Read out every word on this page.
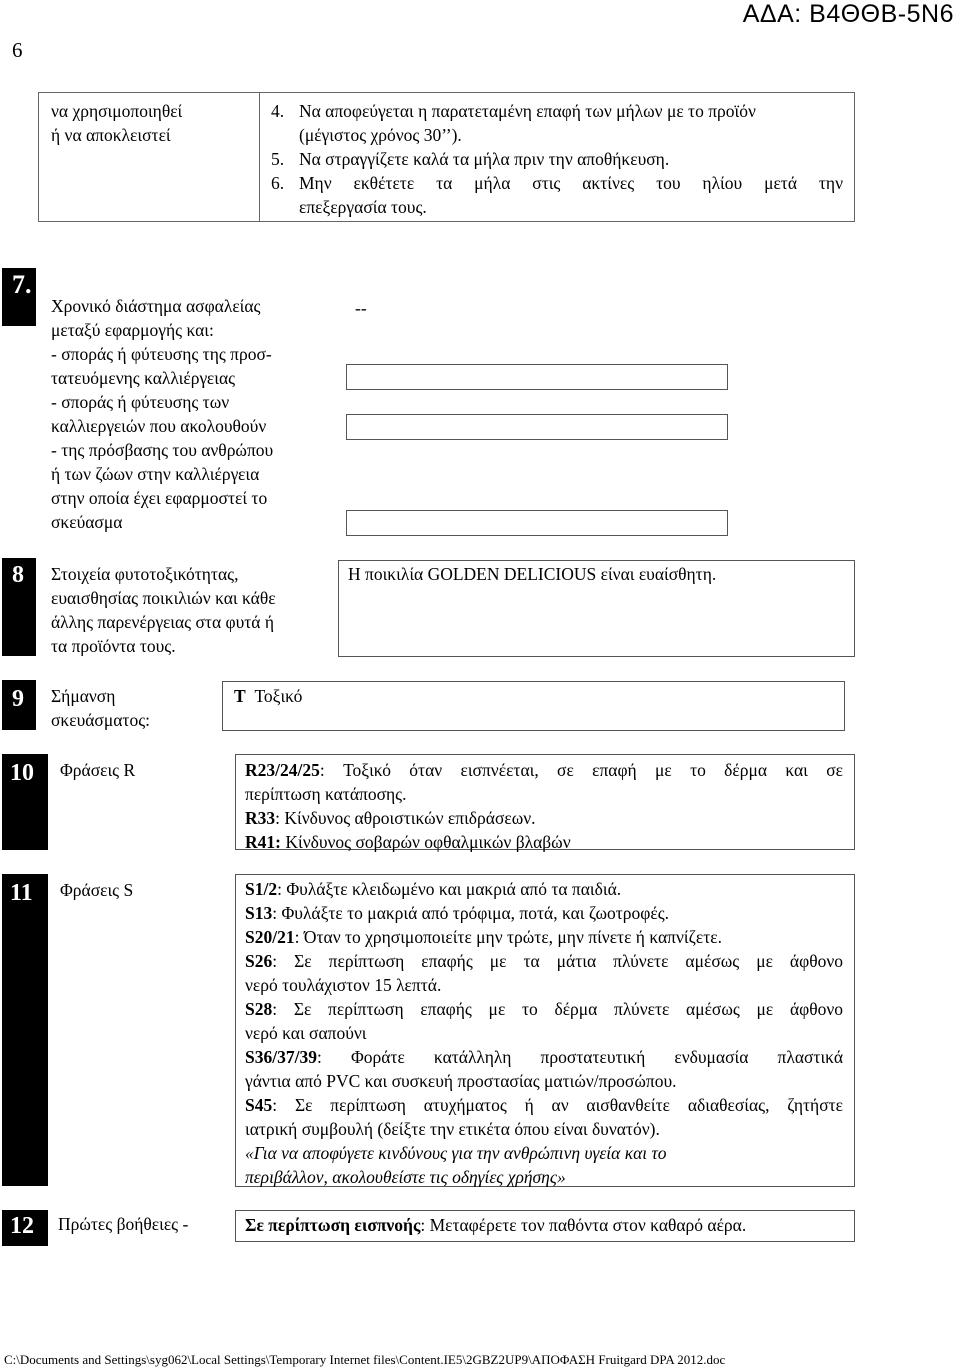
6
ΑΔΑ: Β4ΘΘΒ-5Ν6
να χρησιμοποιηθεί
ή να αποκλειστεί
4. Να αποφεύγεται η παρατεταμένη επαφή των μήλων με το προϊόν
(μέγιστος χρόνος 30’’).
5. Να στραγγίζετε καλά τα μήλα πριν την αποθήκευση.
6. Μην εκθέτετε τα μήλα στις ακτίνες του ηλίου μετά την
επεξεργασία τους.
7.
Χρονικό διάστημα ασφαλείας
μεταξύ εφαρμογής και:
- σποράς ή φύτευσης της προσ-
τατευόμενης καλλιέργειας
- σποράς ή φύτευσης των
καλλιεργειών που ακολουθούν
- της πρόσβασης του ανθρώπου
ή των ζώων στην καλλιέργεια
στην οποία έχει εφαρμοστεί το
σκεύασμα
--
8 Στοιχεία φυτοτοξικότητας,
ευαισθησίας ποικιλιών και κάθε
άλλης παρενέργειας στα φυτά ή
τα προϊόντα τους.
Η ποικιλία GOLDEN DELICIOUS είναι ευαίσθητη.
9 Σήμανση
σκευάσματος:
T Τοξικό
10 Φράσεις R	R23/24/25: Τοξικό όταν εισπνέεται, σε επαφή με το δέρμα και σε
περίπτωση κατάποσης.
R33: Κίνδυνος αθροιστικών επιδράσεων.
R41: Κίνδυνος σοβαρών οφθαλμικών βλαβών
11 Φράσεις S	S1/2: Φυλάξτε κλειδωμένο και μακριά από τα παιδιά.
S13: Φυλάξτε το μακριά από τρόφιμα, ποτά, και ζωοτροφές.
S20/21: Όταν το χρησιμοποιείτε μην τρώτε, μην πίνετε ή καπνίζετε.
S26: Σε περίπτωση επαφής με τα μάτια πλύνετε αμέσως με άφθονο
νερό τουλάχιστον 15 λεπτά.
S28: Σε περίπτωση επαφής με το δέρμα πλύνετε αμέσως με άφθονο
νερό και σαπούνι
S36/37/39: Φοράτε κατάλληλη προστατευτική ενδυμασία πλαστικά
γάντια από PVC και συσκευή προστασίας ματιών/προσώπου.
S45: Σε περίπτωση ατυχήματος ή αν αισθανθείτε αδιαθεσίας, ζητήστε
ιατρική συμβουλή (δείξτε την ετικέτα όπου είναι δυνατόν).
«Για να αποφύγετε κινδύνους για την ανθρώπινη υγεία και το
περιβάλλον, ακολουθείστε τις οδηγίες χρήσης»
12 Πρώτες βοήθειες -	Σε περίπτωση εισπνοής: Μεταφέρετε τον παθόντα στον καθαρό αέρα.
C:\Documents and Settings\syg062\Local Settings\Temporary Internet files\Content.IE5\2GBZ2UP9\ΑΠΟΦΑΣΗ Fruitgard DPA 2012.doc
